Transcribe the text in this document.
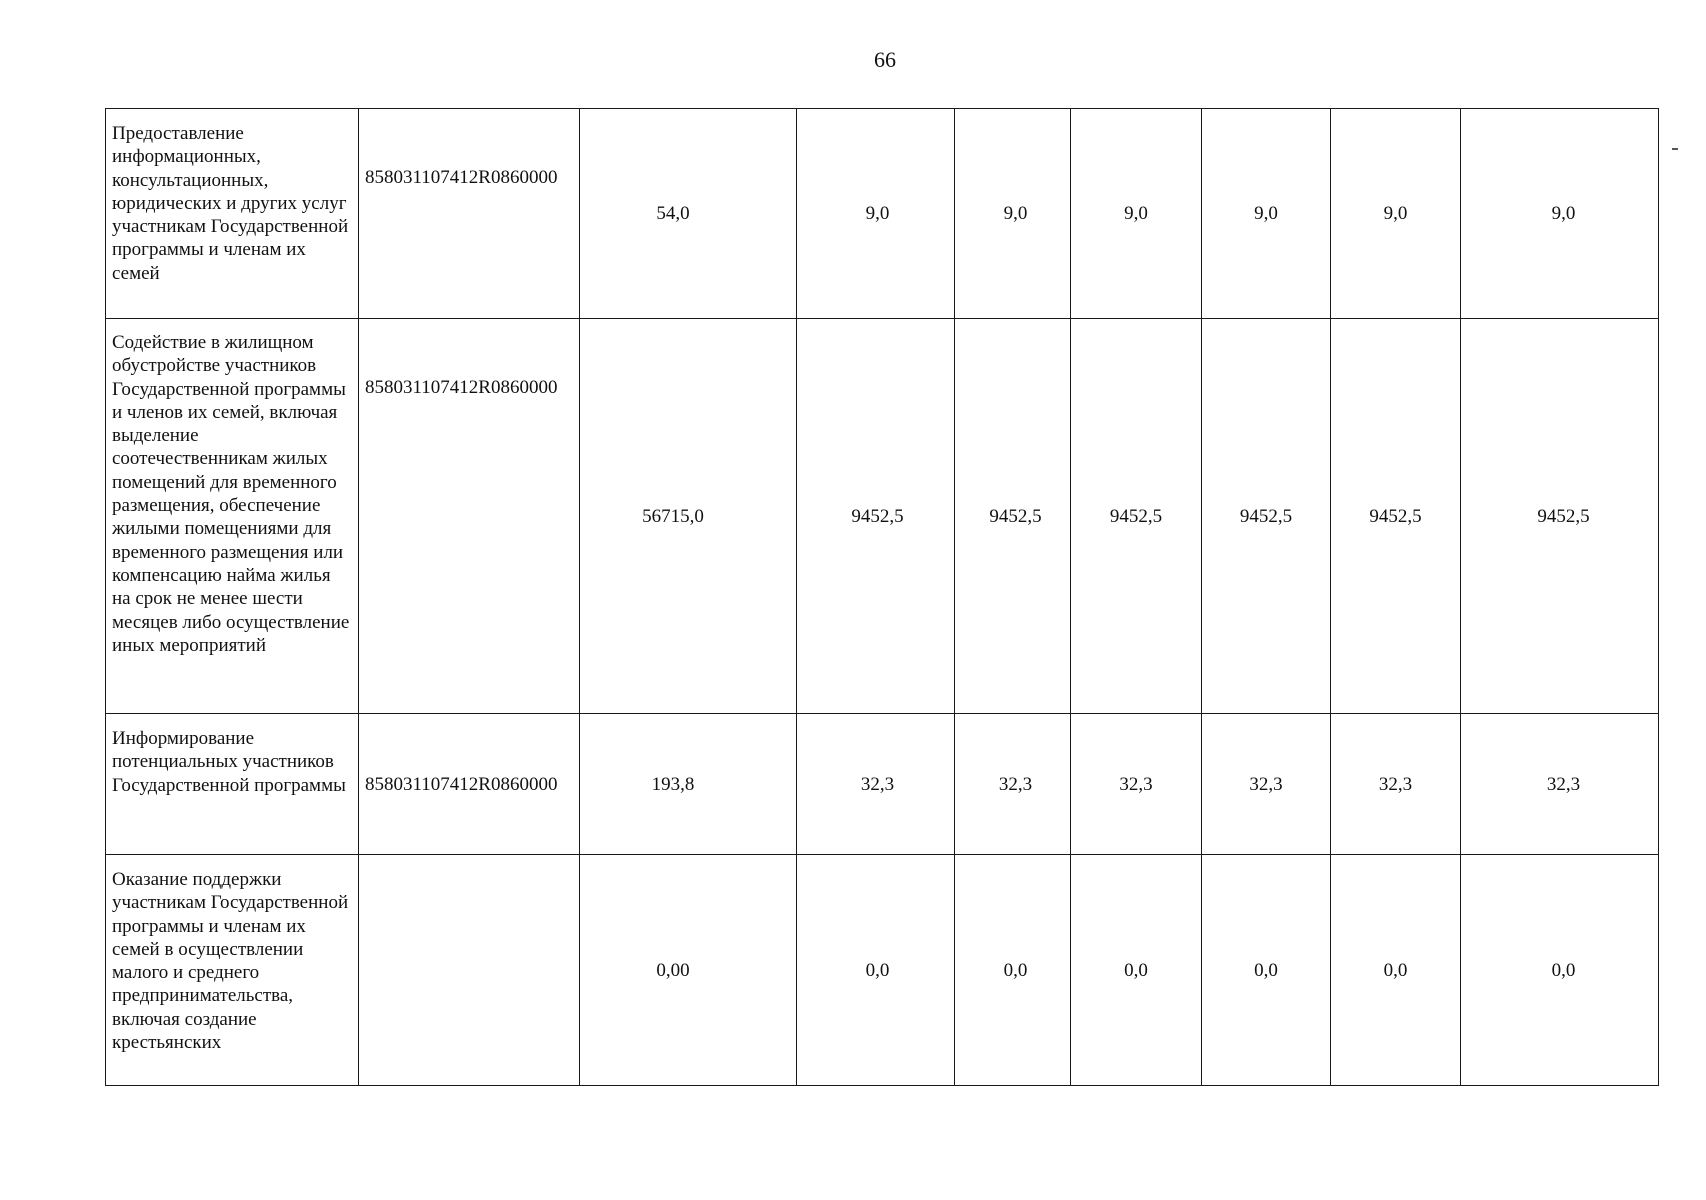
66
Предоставление информационных, консультационных, юридических и других услуг участникам Государственной программы и членам их семей	858031107412R0860000	54,0	9,0	9,0	9,0	9,0	9,0	9,0
Содействие в жилищном обустройстве участников Государственной программы и членов их семей, включая выделение соотечественникам жилых помещений для временного размещения, обеспечение жилыми помещениями для временного размещения или компенсацию найма жилья на срок не менее шести месяцев либо осуществление иных мероприятий	858031107412R0860000	56715,0	9452,5	9452,5	9452,5	9452,5	9452,5	9452,5
Информирование потенциальных участников Государственной программы	858031107412R0860000	193,8	32,3	32,3	32,3	32,3	32,3	32,3
Оказание поддержки участникам Государственной программы и членам их семей в осуществлении малого и среднего предпринимательства, включая создание крестьянских		0,00	0,0	0,0	0,0	0,0	0,0	0,0
